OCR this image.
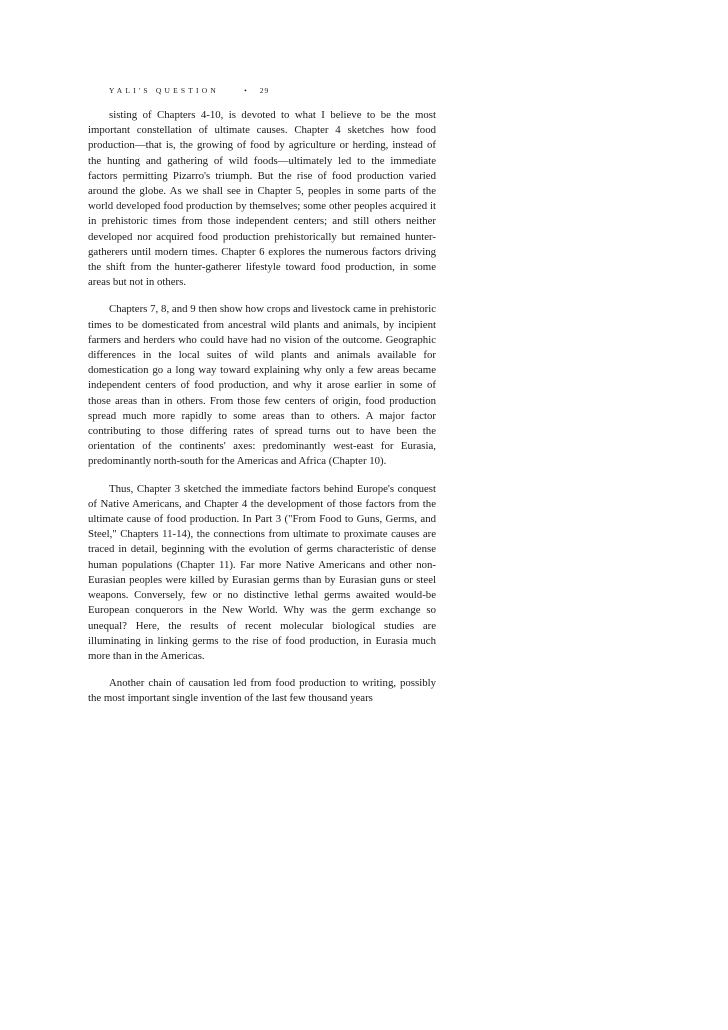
YALI'S QUESTION	• 29

sisting of Chapters 4-10, is devoted to what I believe to be the most important constellation of ultimate causes. Chapter 4 sketches how food production—that is, the growing of food by agriculture or herding, instead of the hunting and gathering of wild foods—ultimately led to the immediate factors permitting Pizarro's triumph. But the rise of food production varied around the globe. As we shall see in Chapter 5, peoples in some parts of the world developed food production by themselves; some other peoples acquired it in prehistoric times from those independent centers; and still others neither developed nor acquired food production prehistorically but remained hunter-gatherers until modern times. Chapter 6 explores the numerous factors driving the shift from the hunter-gatherer lifestyle toward food production, in some areas but not in others.

Chapters 7, 8, and 9 then show how crops and livestock came in prehistoric times to be domesticated from ancestral wild plants and animals, by incipient farmers and herders who could have had no vision of the outcome. Geographic differences in the local suites of wild plants and animals available for domestication go a long way toward explaining why only a few areas became independent centers of food production, and why it arose earlier in some of those areas than in others. From those few centers of origin, food production spread much more rapidly to some areas than to others. A major factor contributing to those differing rates of spread turns out to have been the orientation of the continents' axes: predominantly west-east for Eurasia, predominantly north-south for the Americas and Africa (Chapter 10).

Thus, Chapter 3 sketched the immediate factors behind Europe's conquest of Native Americans, and Chapter 4 the development of those factors from the ultimate cause of food production. In Part 3 ("From Food to Guns, Germs, and Steel," Chapters 11-14), the connections from ultimate to proximate causes are traced in detail, beginning with the evolution of germs characteristic of dense human populations (Chapter 11). Far more Native Americans and other non-Eurasian peoples were killed by Eurasian germs than by Eurasian guns or steel weapons. Conversely, few or no distinctive lethal germs awaited would-be European conquerors in the New World. Why was the germ exchange so unequal? Here, the results of recent molecular biological studies are illuminating in linking germs to the rise of food production, in Eurasia much more than in the Americas.

Another chain of causation led from food production to writing, possibly the most important single invention of the last few thousand years
